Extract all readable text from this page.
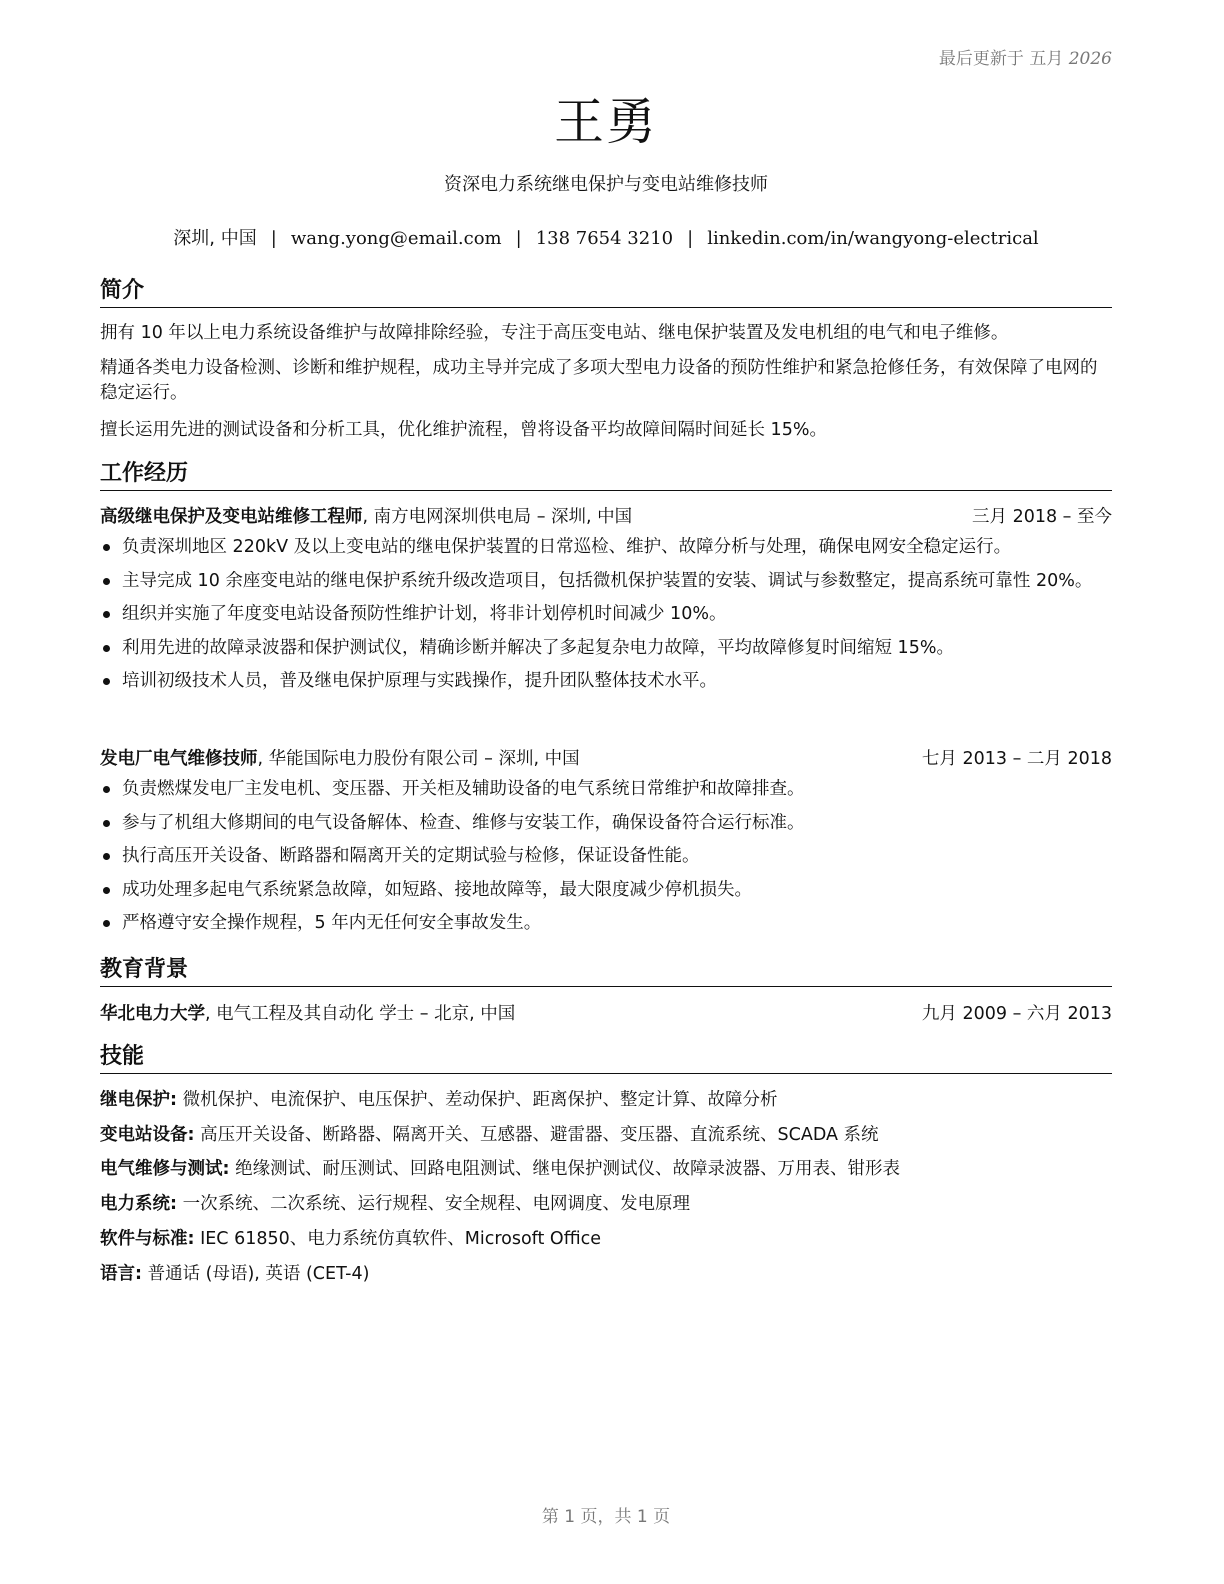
最后更新于 五月 2026
王勇
资深电力系统继电保护与变电站维修技师
深圳, 中国 | wang.yong@email.com | 138 7654 3210 | linkedin.com/in/wangyong-electrical
简介
拥有 10 年以上电力系统设备维护与故障排除经验，专注于高压变电站、继电保护装置及发电机组的电气和电子维修。
精通各类电力设备检测、诊断和维护规程，成功主导并完成了多项大型电力设备的预防性维护和紧急抢修任务，有效保障了电网的稳定运行。
擅长运用先进的测试设备和分析工具，优化维护流程，曾将设备平均故障间隔时间延长 15%。
工作经历
高级继电保护及变电站维修工程师, 南方电网深圳供电局 – 深圳, 中国	三月 2018 – 至今
负责深圳地区 220kV 及以上变电站的继电保护装置的日常巡检、维护、故障分析与处理，确保电网安全稳定运行。
主导完成 10 余座变电站的继电保护系统升级改造项目，包括微机保护装置的安装、调试与参数整定，提高系统可靠性 20%。
组织并实施了年度变电站设备预防性维护计划，将非计划停机时间减少 10%。
利用先进的故障录波器和保护测试仪，精确诊断并解决了多起复杂电力故障，平均故障修复时间缩短 15%。
培训初级技术人员，普及继电保护原理与实践操作，提升团队整体技术水平。
发电厂电气维修技师, 华能国际电力股份有限公司 – 深圳, 中国	七月 2013 – 二月 2018
负责燃煤发电厂主发电机、变压器、开关柜及辅助设备的电气系统日常维护和故障排查。
参与了机组大修期间的电气设备解体、检查、维修与安装工作，确保设备符合运行标准。
执行高压开关设备、断路器和隔离开关的定期试验与检修，保证设备性能。
成功处理多起电气系统紧急故障，如短路、接地故障等，最大限度减少停机损失。
严格遵守安全操作规程，5 年内无任何安全事故发生。
教育背景
华北电力大学, 电气工程及其自动化 学士 – 北京, 中国	九月 2009 – 六月 2013
技能
继电保护: 微机保护、电流保护、电压保护、差动保护、距离保护、整定计算、故障分析
变电站设备: 高压开关设备、断路器、隔离开关、互感器、避雷器、变压器、直流系统、SCADA 系统
电气维修与测试: 绝缘测试、耐压测试、回路电阻测试、继电保护测试仪、故障录波器、万用表、钳形表
电力系统: 一次系统、二次系统、运行规程、安全规程、电网调度、发电原理
软件与标准: IEC 61850、电力系统仿真软件、Microsoft Office
语言: 普通话 (母语), 英语 (CET-4)
第 1 页，共 1 页
